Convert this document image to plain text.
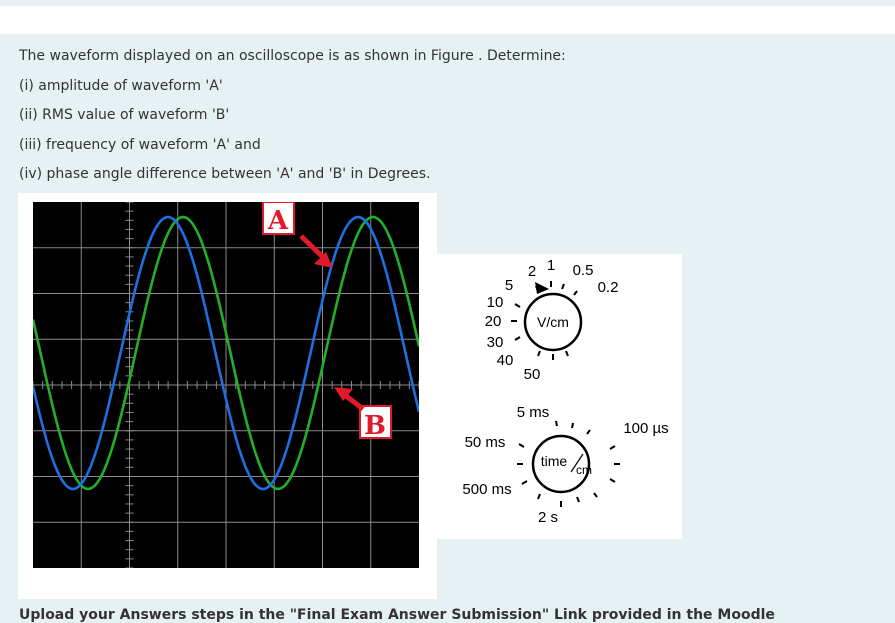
The waveform displayed on an oscilloscope is as shown in Figure . Determine:
(i) amplitude of waveform 'A'
(ii) RMS value of waveform 'B'
(iii) frequency of waveform 'A' and
(iv) phase angle difference between 'A' and 'B' in Degrees.
A
B
V/cm
2 1 0.5
0.2
5
10
20
30
40
50
time
cm
5 ms
100 µs
50 ms
500 ms
2 s
Upload your Answers steps in the "Final Exam Answer Submission" Link provided in the Moodle
